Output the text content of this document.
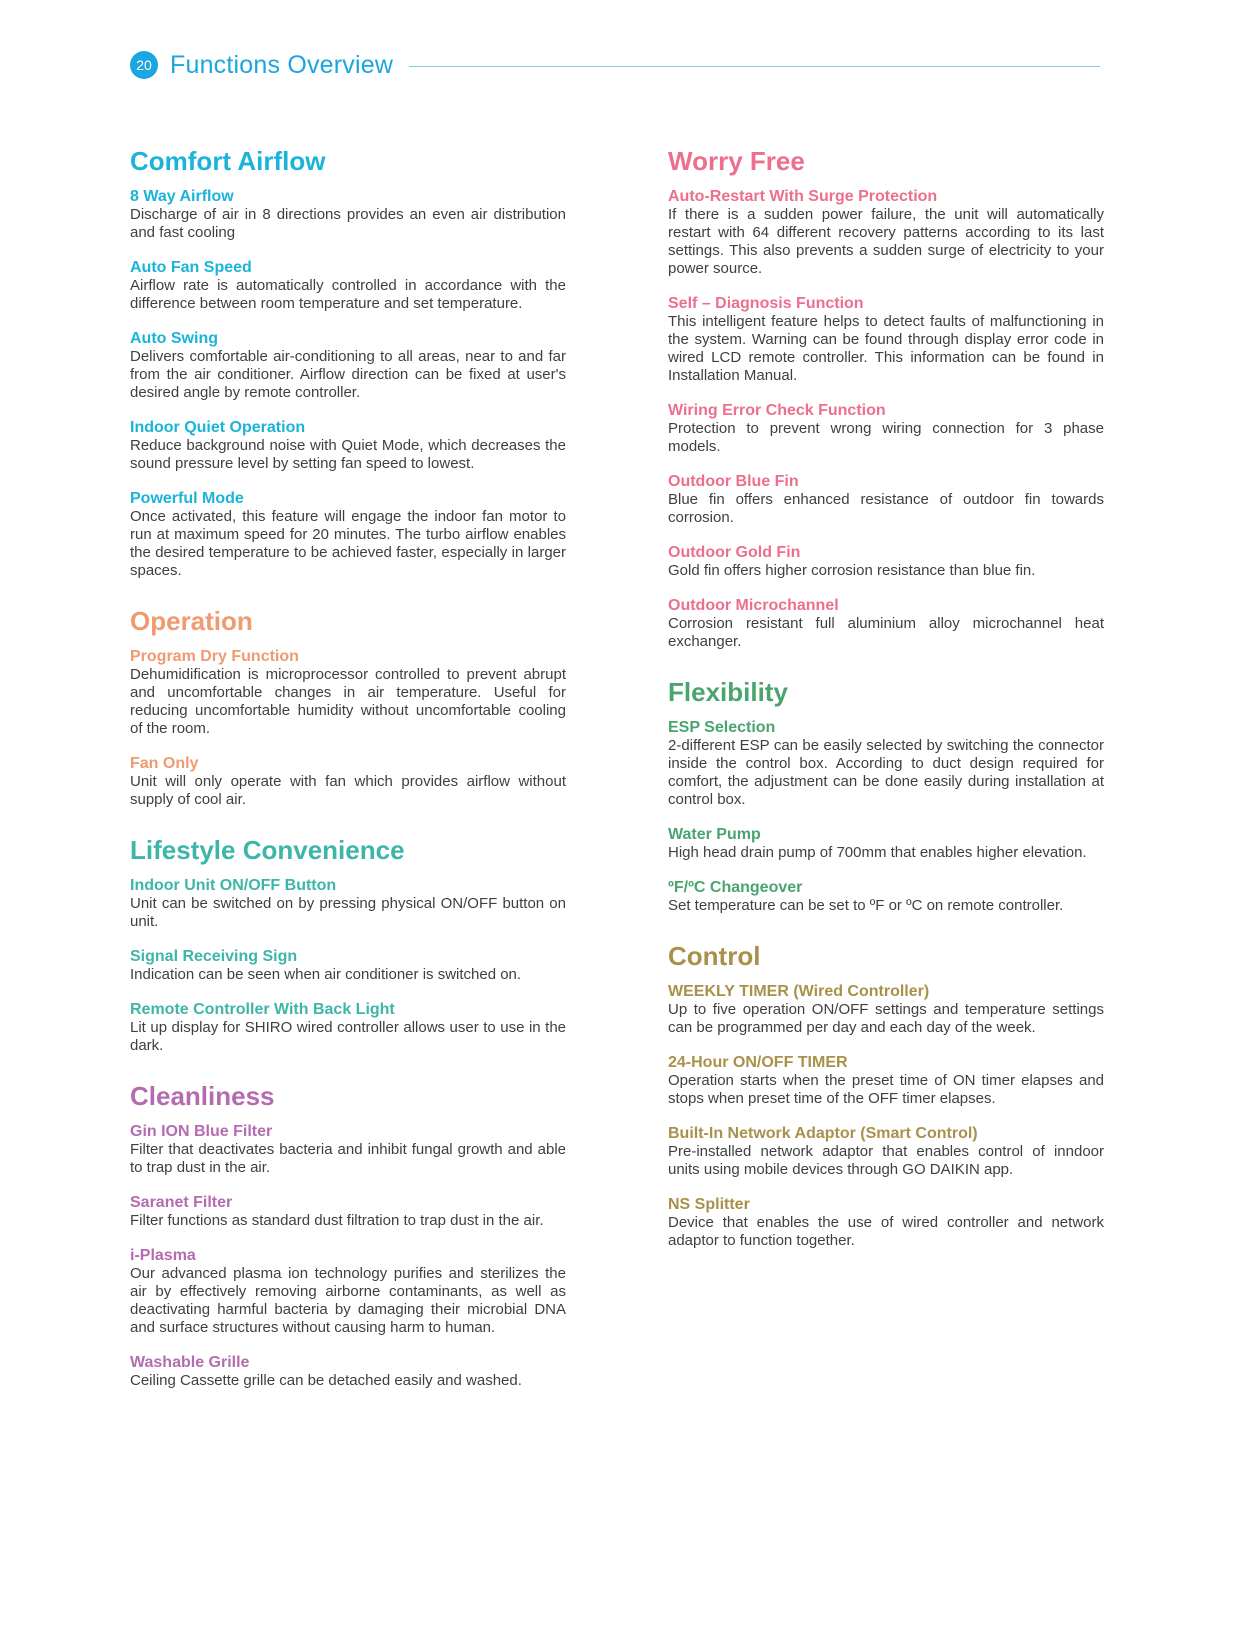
20 Functions Overview
Comfort Airflow
8 Way Airflow
Discharge of air in 8 directions provides an even air distribution and fast cooling
Auto Fan Speed
Airflow rate is automatically controlled in accordance with the difference between room temperature and set temperature.
Auto Swing
Delivers comfortable air-conditioning to all areas, near to and far from the air conditioner. Airflow direction can be fixed at user's desired angle by remote controller.
Indoor Quiet Operation
Reduce background noise with Quiet Mode, which decreases the sound pressure level by setting fan speed to lowest.
Powerful Mode
Once activated, this feature will engage the indoor fan motor to run at maximum speed for 20 minutes. The turbo airflow enables the desired temperature to be achieved faster, especially in larger spaces.
Operation
Program Dry Function
Dehumidification is microprocessor controlled to prevent abrupt and uncomfortable changes in air temperature. Useful for reducing uncomfortable humidity without uncomfortable cooling of the room.
Fan Only
Unit will only operate with fan which provides airflow without supply of cool air.
Lifestyle Convenience
Indoor Unit ON/OFF Button
Unit can be switched on by pressing physical ON/OFF button on unit.
Signal Receiving Sign
Indication can be seen when air conditioner is switched on.
Remote Controller With Back Light
Lit up display for SHIRO wired controller allows user to use in the dark.
Cleanliness
Gin ION Blue Filter
Filter that deactivates bacteria and inhibit fungal growth and able to trap dust in the air.
Saranet Filter
Filter functions as standard dust filtration to trap dust in the air.
i-Plasma
Our advanced plasma ion technology purifies and sterilizes the air by effectively removing airborne contaminants, as well as deactivating harmful bacteria by damaging their microbial DNA and surface structures without causing harm to human.
Washable Grille
Ceiling Cassette grille can be detached easily and washed.
Worry Free
Auto-Restart With Surge Protection
If there is a sudden power failure, the unit will automatically restart with 64 different recovery patterns according to its last settings. This also prevents a sudden surge of electricity to your power source.
Self – Diagnosis Function
This intelligent feature helps to detect faults of malfunctioning in the system. Warning can be found through display error code in wired LCD remote controller. This information can be found in Installation Manual.
Wiring Error Check Function
Protection to prevent wrong wiring connection for 3 phase models.
Outdoor Blue Fin
Blue fin offers enhanced resistance of outdoor fin towards corrosion.
Outdoor Gold Fin
Gold fin offers higher corrosion resistance than blue fin.
Outdoor Microchannel
Corrosion resistant full aluminium alloy microchannel heat exchanger.
Flexibility
ESP Selection
2-different ESP can be easily selected by switching the connector inside the control box. According to duct design required for comfort, the adjustment can be done easily during installation at control box.
Water Pump
High head drain pump of 700mm that enables higher elevation.
ºF/ºC Changeover
Set temperature can be set to ºF or ºC on remote controller.
Control
WEEKLY TIMER (Wired Controller)
Up to five operation ON/OFF settings and temperature settings can be programmed per day and each day of the week.
24-Hour ON/OFF TIMER
Operation starts when the preset time of ON timer elapses and stops when preset time of the OFF timer elapses.
Built-In Network Adaptor (Smart Control)
Pre-installed network adaptor that enables control of inndoor units using mobile devices through GO DAIKIN app.
NS Splitter
Device that enables the use of wired controller and network adaptor to function together.
